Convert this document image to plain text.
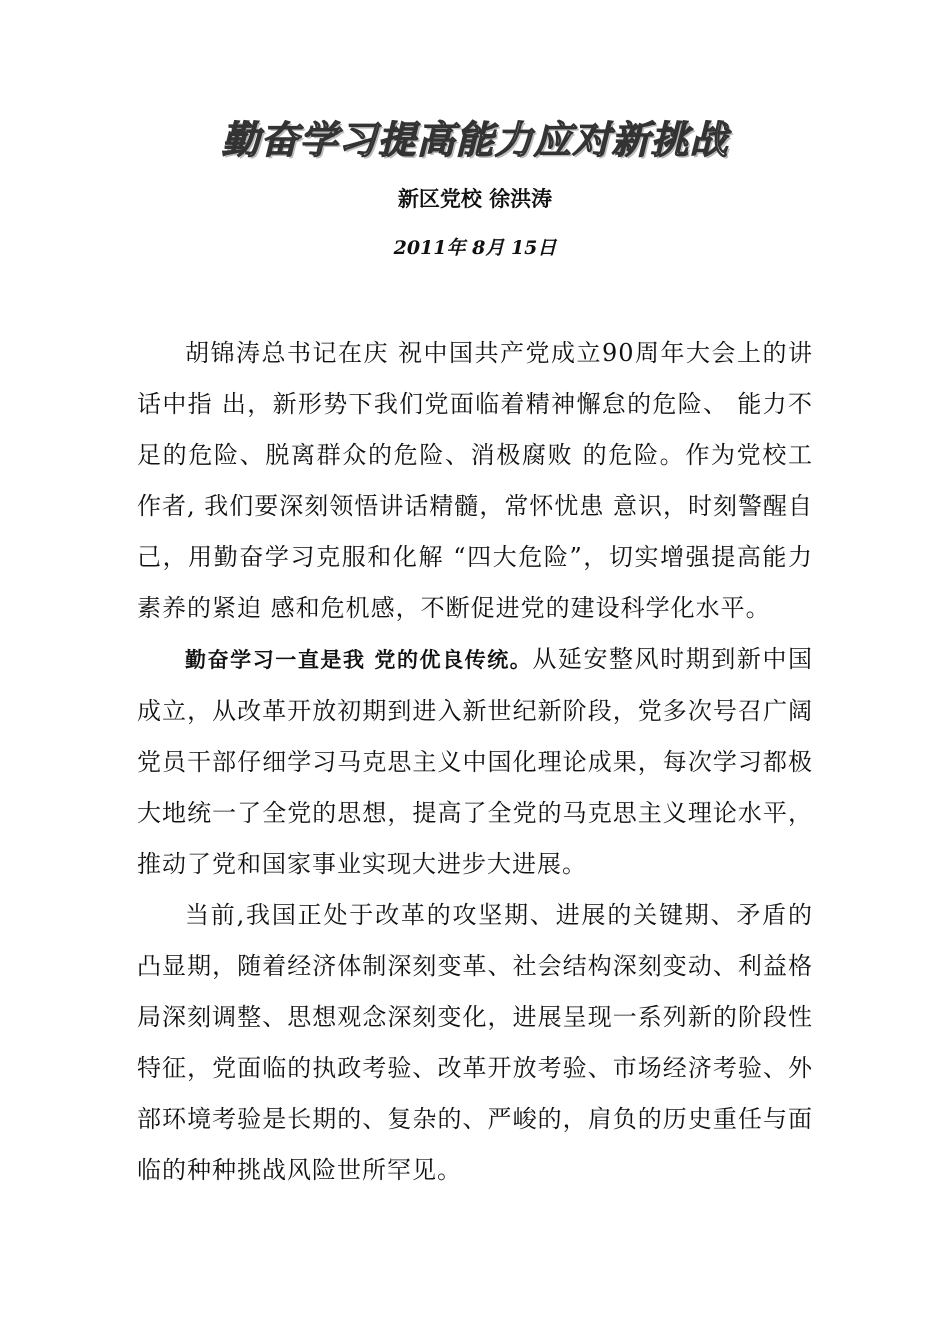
勤奋学习提高能力应对新挑战
新区党校 徐洪涛
2011年 8月 15日

胡锦涛总书记在庆 祝中国共产党成立90周年大会上的讲话中指 出，新形势下我们党面临着精神懈怠的危险、 能力不足的危险、脱离群众的危险、消极腐败 的危险。作为党校工作者, 我们要深刻领悟讲话精髓，常怀忧患 意识，时刻警醒自己，用勤奋学习克服和化解 “四大危险”，切实增强提高能力素养的紧迫 感和危机感，不断促进党的建设科学化水平。

勤奋学习一直是我 党的优良传统。从延安整风时期到新中国成立，从改革开放初期到进入新世纪新阶段，党多次号召广阔党员干部仔细学习马克思主义中国化理论成果，每次学习都极大地统一了全党的思想，提高了全党的马克思主义理论水平，推动了党和国家事业实现大进步大进展。

当前,我国正处于改革的攻坚期、进展的关键期、矛盾的凸显期，随着经济体制深刻变革、社会结构深刻变动、利益格局深刻调整、思想观念深刻变化，进展呈现一系列新的阶段性特征，党面临的执政考验、改革开放考验、市场经济考验、外部环境考验是长期的、复杂的、严峻的，肩负的历史重任与面临的种种挑战风险世所罕见。
